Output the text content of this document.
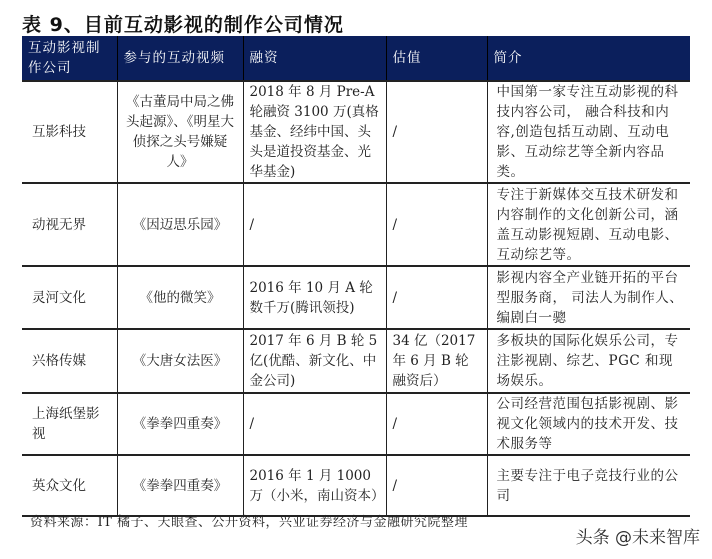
表 9、目前互动影视的制作公司情况
互动影视制作公司	参与的互动视频	融资	估值	简介
互影科技	《古董局中局之佛头起源》、《明星大侦探之头号嫌疑人》	2018 年 8 月 Pre-A 轮融资 3100 万(真格基金、经纬中国、头头是道投资基金、光华基金)	/	中国第一家专注互动影视的科技内容公司， 融合科技和内容,创造包括互动剧、互动电影、互动综艺等全新内容品类。
动视无界	《因迈思乐园》	/	/	专注于新媒体交互技术研发和内容制作的文化创新公司，涵盖互动影视短剧、互动电影、互动综艺等。
灵河文化	《他的微笑》	2016 年 10 月 A 轮数千万(腾讯领投)	/	影视内容全产业链开拓的平台型服务商， 司法人为制作人、编剧白一骢
兴格传媒	《大唐女法医》	2017 年 6 月 B 轮 5 亿(优酷、新文化、中金公司)	34 亿（2017 年 6 月 B 轮融资后）	多板块的国际化娱乐公司，专注影视剧、综艺、PGC 和现场娱乐。
上海纸堡影视	《拳拳四重奏》	/	/	公司经营范围包括影视剧、影视文化领域内的技术开发、技术服务等
英众文化	《拳拳四重奏》	2016 年 1 月 1000 万（小米，南山资本）	/	主要专注于电子竞技行业的公司
资料来源：IT 橘子、天眼查、公开资料，兴业证券经济与金融研究院整理
头条 @未来智库
